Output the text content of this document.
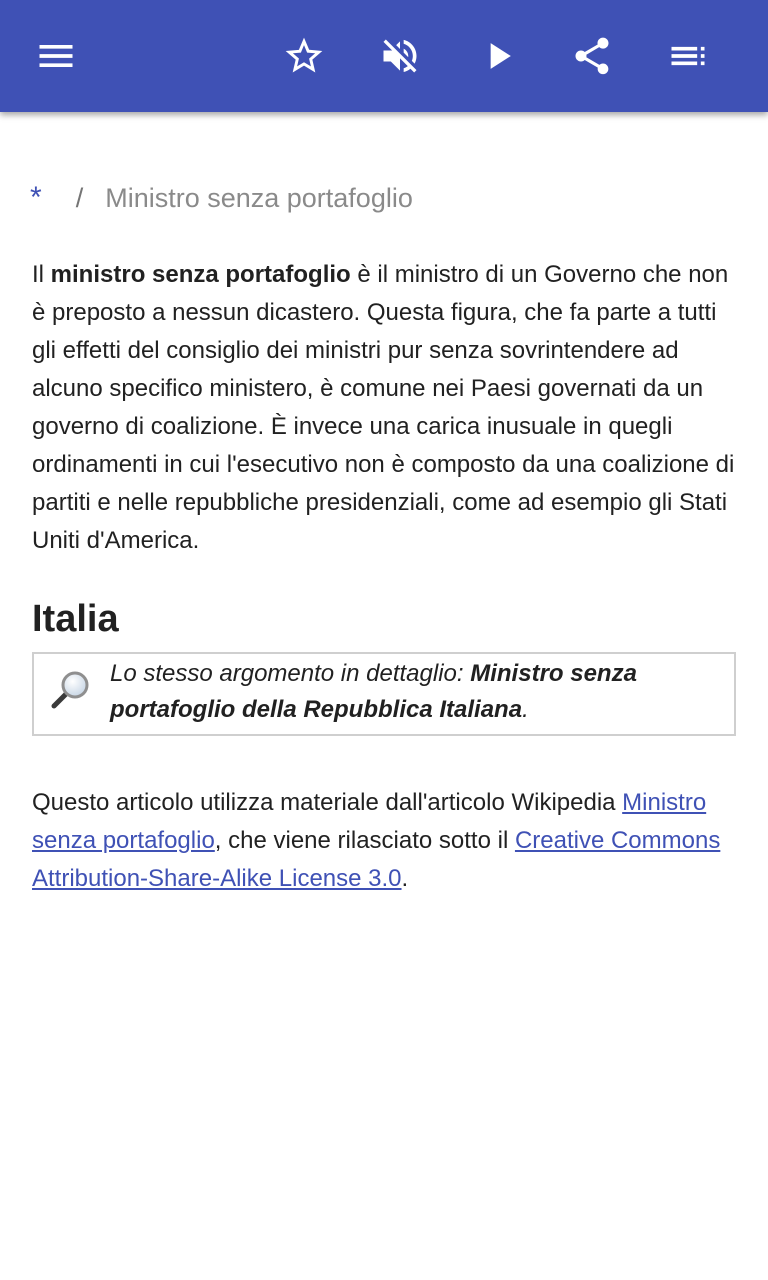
* / Ministro senza portafoglio

Il ministro senza portafoglio è il ministro di un Governo che non è preposto a nessun dicastero. Questa figura, che fa parte a tutti gli effetti del consiglio dei ministri pur senza sovrintendere ad alcuno specifico ministero, è comune nei Paesi governati da un governo di coalizione. È invece una carica inusuale in quegli ordinamenti in cui l'esecutivo non è composto da una coalizione di partiti e nelle repubbliche presidenziali, come ad esempio gli Stati Uniti d'America.

Italia
Lo stesso argomento in dettaglio: Ministro senza portafoglio della Repubblica Italiana.

Questo articolo utilizza materiale dall'articolo Wikipedia Ministro senza portafoglio, che viene rilasciato sotto il Creative Commons Attribution-Share-Alike License 3.0.
